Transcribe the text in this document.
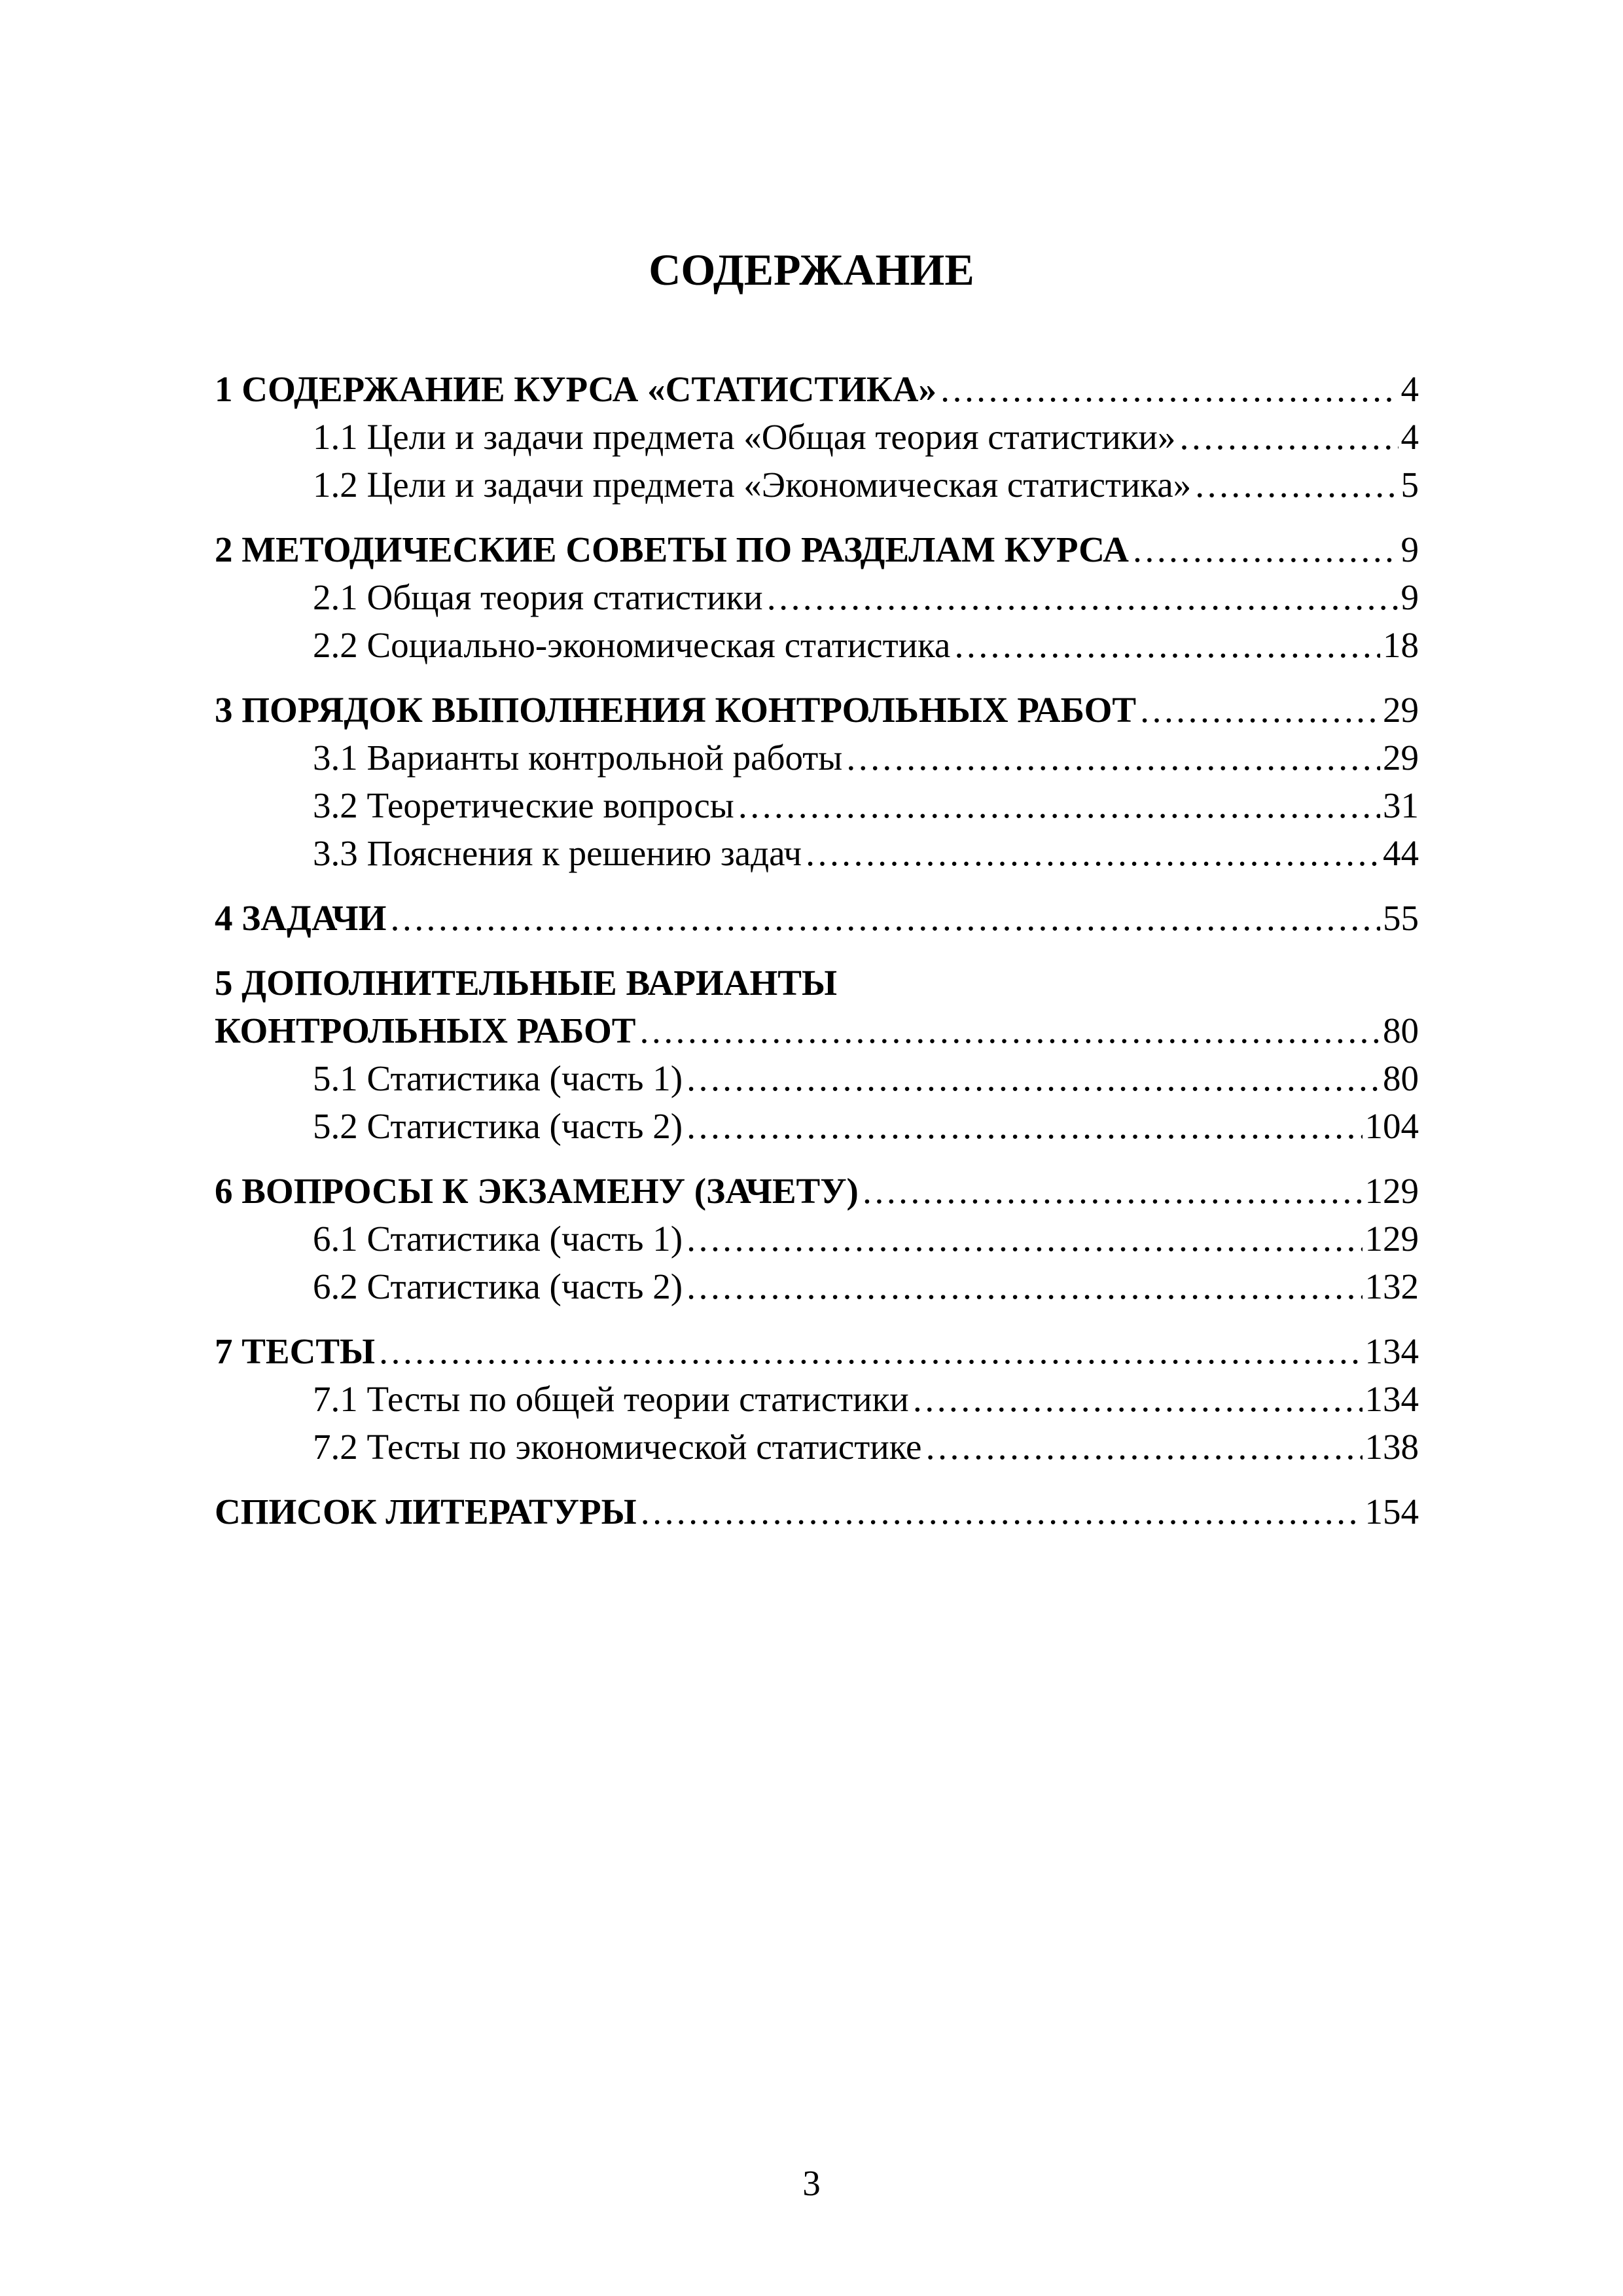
СОДЕРЖАНИЕ
1 СОДЕРЖАНИЕ КУРСА «СТАТИСТИКА» …………………………………………………………………………………………………………………………………………………………………………………………………………	4
1.1 Цели и задачи предмета «Общая теория статистики» …………………………………………………………………………………………………………………………………………………………………………………………………………	4
1.2 Цели и задачи предмета «Экономическая статистика» …………………………………………………………………………………………………………………………………………………………………………………………………………	5
2 МЕТОДИЧЕСКИЕ СОВЕТЫ ПО РАЗДЕЛАМ КУРСА …………………………………………………………………………………………………………………………………………………………………………………………………………	9
2.1 Общая теория статистики …………………………………………………………………………………………………………………………………………………………………………………………………………	9
2.2 Социально-экономическая статистика …………………………………………………………………………………………………………………………………………………………………………………………………………	18
3 ПОРЯДОК ВЫПОЛНЕНИЯ КОНТРОЛЬНЫХ РАБОТ …………………………………………………………………………………………………………………………………………………………………………………………………………	29
3.1 Варианты контрольной работы …………………………………………………………………………………………………………………………………………………………………………………………………………	29
3.2 Теоретические вопросы …………………………………………………………………………………………………………………………………………………………………………………………………………	31
3.3 Пояснения к решению задач …………………………………………………………………………………………………………………………………………………………………………………………………………	44
4 ЗАДАЧИ …………………………………………………………………………………………………………………………………………………………………………………………………………	55
5 ДОПОЛНИТЕЛЬНЫЕ ВАРИАНТЫ
КОНТРОЛЬНЫХ РАБОТ …………………………………………………………………………………………………………………………………………………………………………………………………………	80
5.1 Статистика (часть 1) …………………………………………………………………………………………………………………………………………………………………………………………………………	80
5.2 Статистика (часть 2) …………………………………………………………………………………………………………………………………………………………………………………………………………	104
6 ВОПРОСЫ К ЭКЗАМЕНУ (ЗАЧЕТУ) …………………………………………………………………………………………………………………………………………………………………………………………………………	129
6.1 Статистика (часть 1) …………………………………………………………………………………………………………………………………………………………………………………………………………	129
6.2 Статистика (часть 2) …………………………………………………………………………………………………………………………………………………………………………………………………………	132
7 ТЕСТЫ …………………………………………………………………………………………………………………………………………………………………………………………………………	134
7.1 Тесты по общей теории статистики …………………………………………………………………………………………………………………………………………………………………………………………………………	134
7.2 Тесты по экономической статистике …………………………………………………………………………………………………………………………………………………………………………………………………………	138
СПИСОК ЛИТЕРАТУРЫ …………………………………………………………………………………………………………………………………………………………………………………………………………	154
3
